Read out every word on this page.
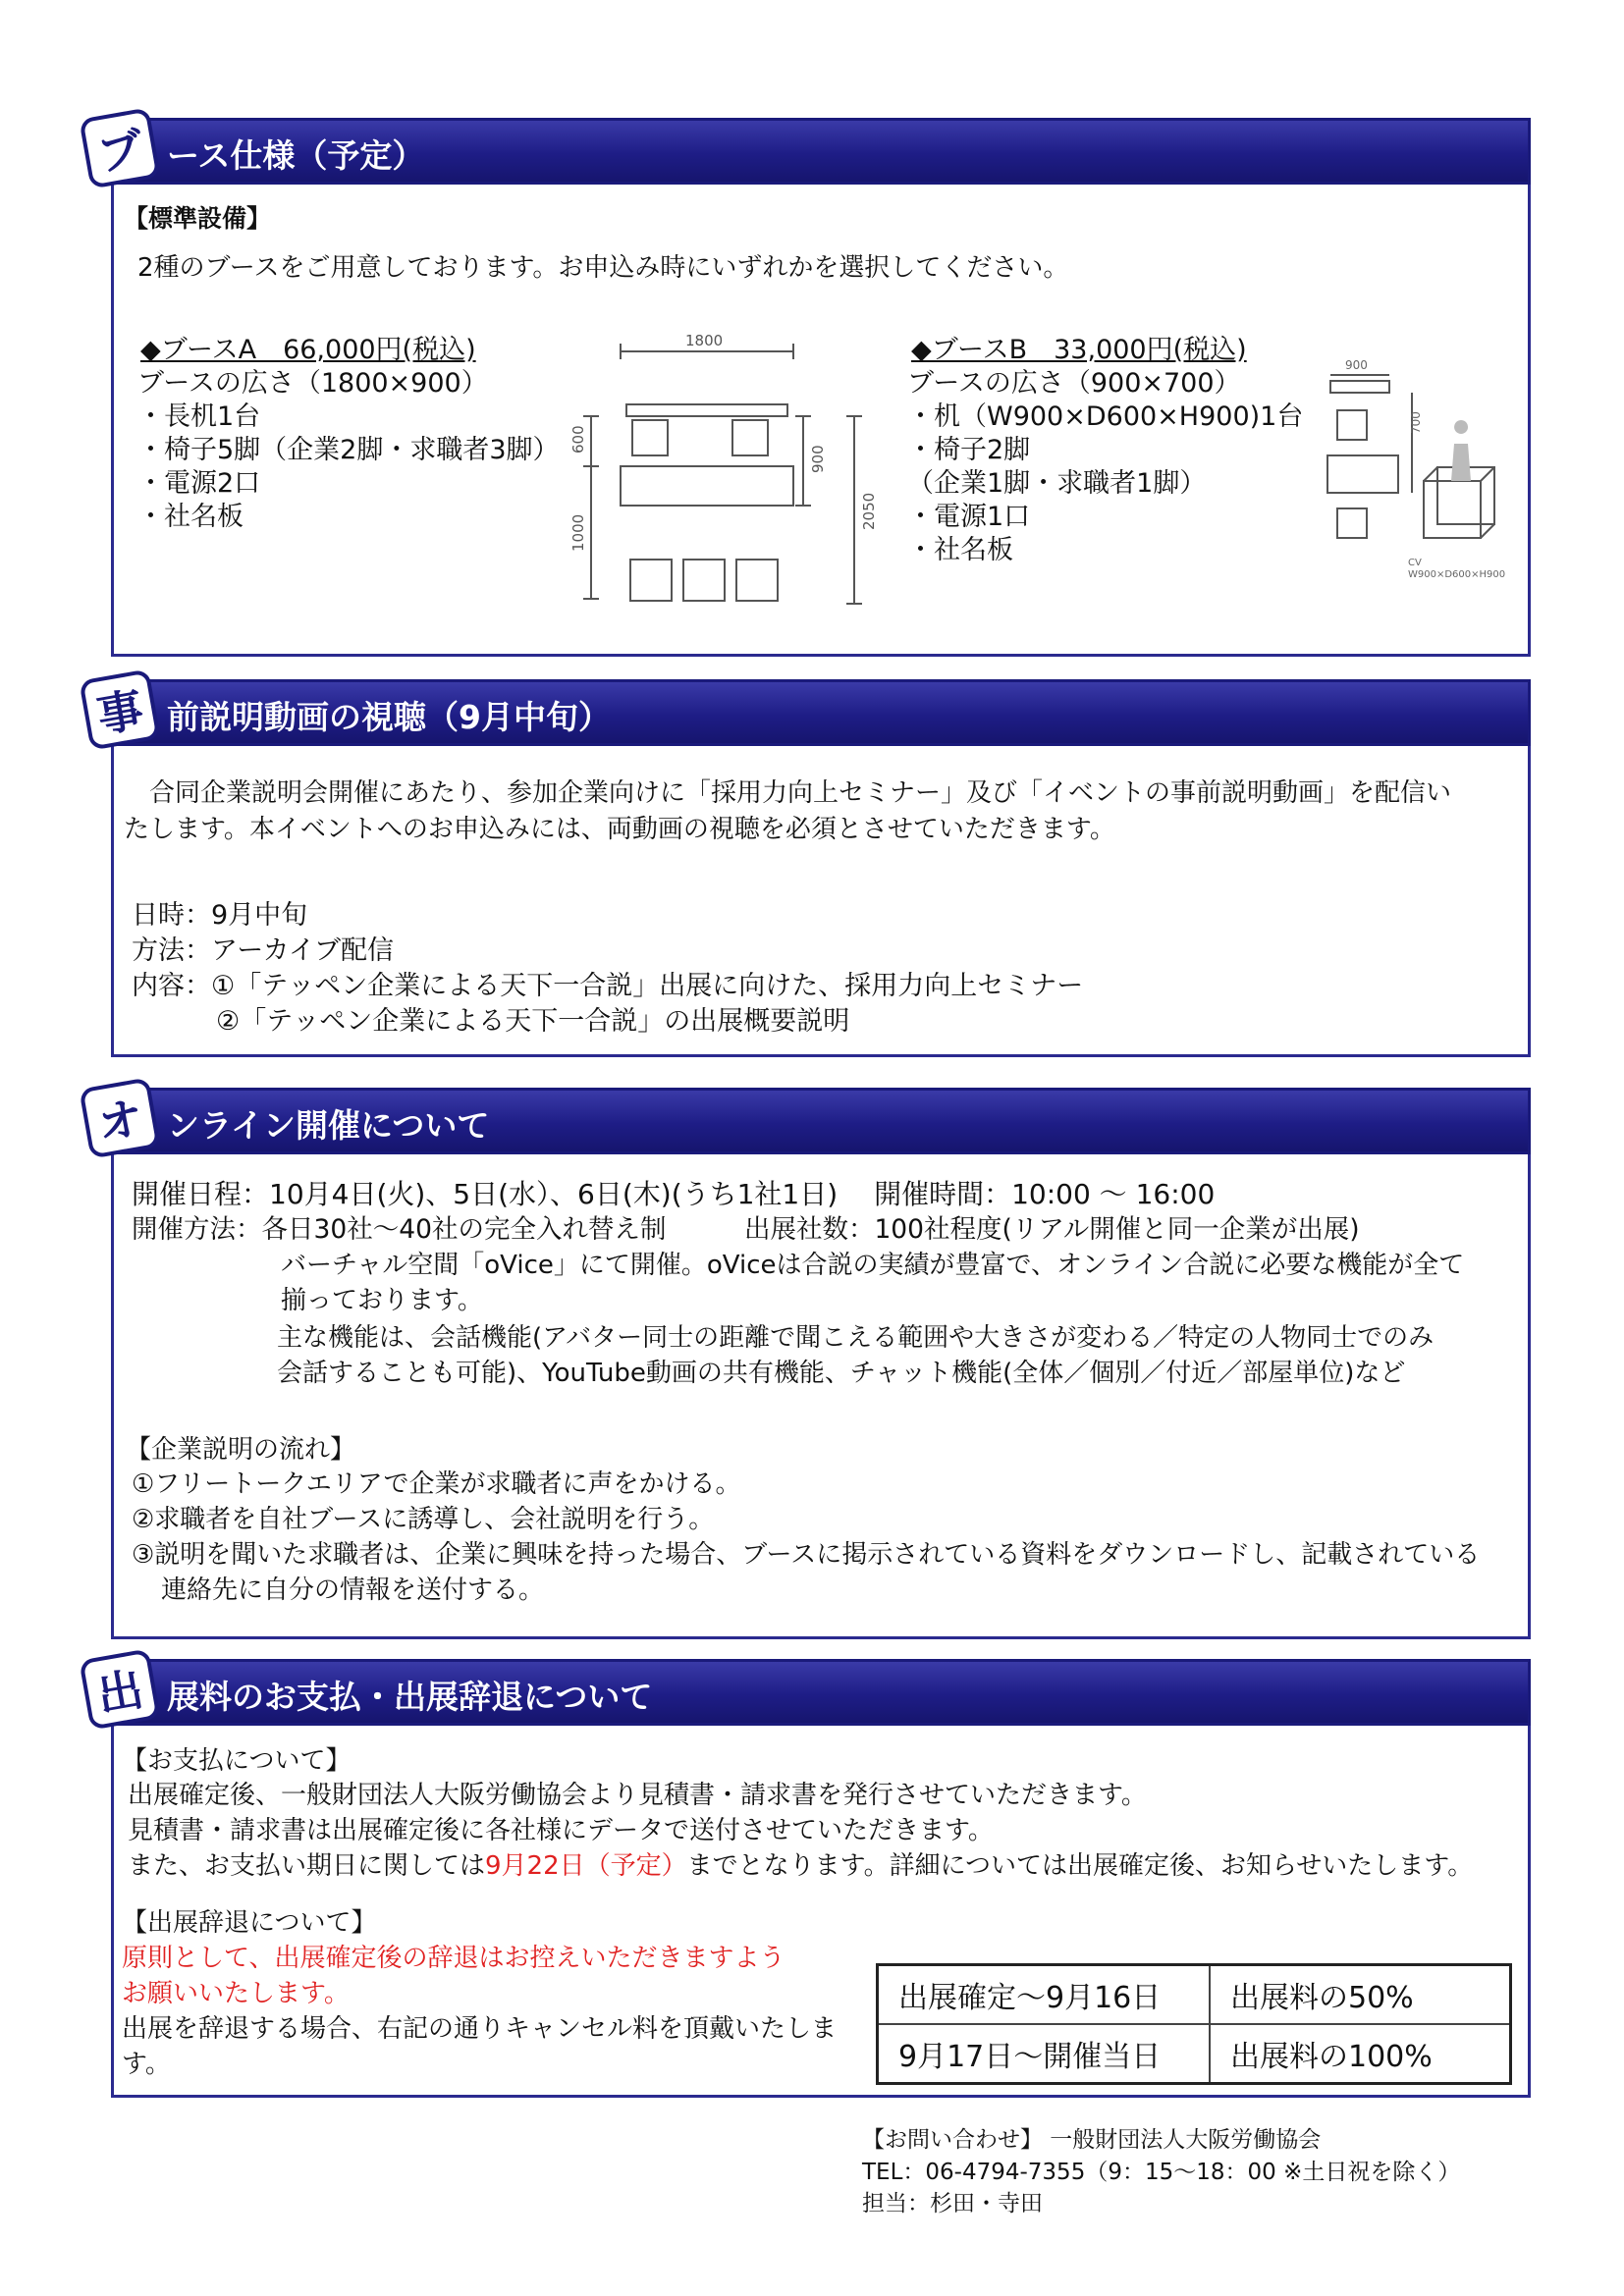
ブ ース仕様（予定）
【標準設備】
2種のブースをご用意しております。お申込み時にいずれかを選択してください。
◆ブースA　66,000円(税込)
ブースの広さ（1800×900）
・長机1台
・椅子5脚（企業2脚・求職者3脚）
・電源2口
・社名板
1800
600
900
1000
2050
◆ブースB　33,000円(税込)
ブースの広さ（900×700）
・机（W900×D600×H900)1台
・椅子2脚
（企業1脚・求職者1脚）
・電源1口
・社名板
900
700
CV
W900×D600×H900
事 前説明動画の視聴（9月中旬）
合同企業説明会開催にあたり、参加企業向けに「採用力向上セミナー」及び「イベントの事前説明動画」を配信い
たします。本イベントへのお申込みには、両動画の視聴を必須とさせていただきます。
日時：9月中旬
方法：アーカイブ配信
内容：①「テッペン企業による天下一合説」出展に向けた、採用力向上セミナー
②「テッペン企業による天下一合説」の出展概要説明
オ ンライン開催について
開催日程：10月4日(火)、5日(水）、6日(木)(うち1社1日)　 開催時間：10:00 ～ 16:00
開催方法：各日30社～40社の完全入れ替え制　　　出展社数：100社程度(リアル開催と同一企業が出展)
バーチャル空間「oVice」にて開催。oViceは合説の実績が豊富で、オンライン合説に必要な機能が全て
揃っております。
主な機能は、会話機能(アバター同士の距離で聞こえる範囲や大きさが変わる／特定の人物同士でのみ
会話することも可能)、YouTube動画の共有機能、チャット機能(全体／個別／付近／部屋単位)など
【企業説明の流れ】
①フリートークエリアで企業が求職者に声をかける。
②求職者を自社ブースに誘導し、会社説明を行う。
③説明を聞いた求職者は、企業に興味を持った場合、ブースに掲示されている資料をダウンロードし、記載されている
連絡先に自分の情報を送付する。
出 展料のお支払・出展辞退について
【お支払について】
出展確定後、一般財団法人大阪労働協会より見積書・請求書を発行させていただきます。
見積書・請求書は出展確定後に各社様にデータで送付させていただきます。
また、お支払い期日に関しては9月22日（予定）までとなります。詳細については出展確定後、お知らせいたします。
【出展辞退について】
原則として、出展確定後の辞退はお控えいただきますよう
お願いいたします。
出展を辞退する場合、右記の通りキャンセル料を頂戴いたしま
す。
出展確定～9月16日	出展料の50%
9月17日～開催当日	出展料の100%
【お問い合わせ】 一般財団法人大阪労働協会
TEL：06-4794-7355（9：15～18：00 ※土日祝を除く）
担当：杉田・寺田
